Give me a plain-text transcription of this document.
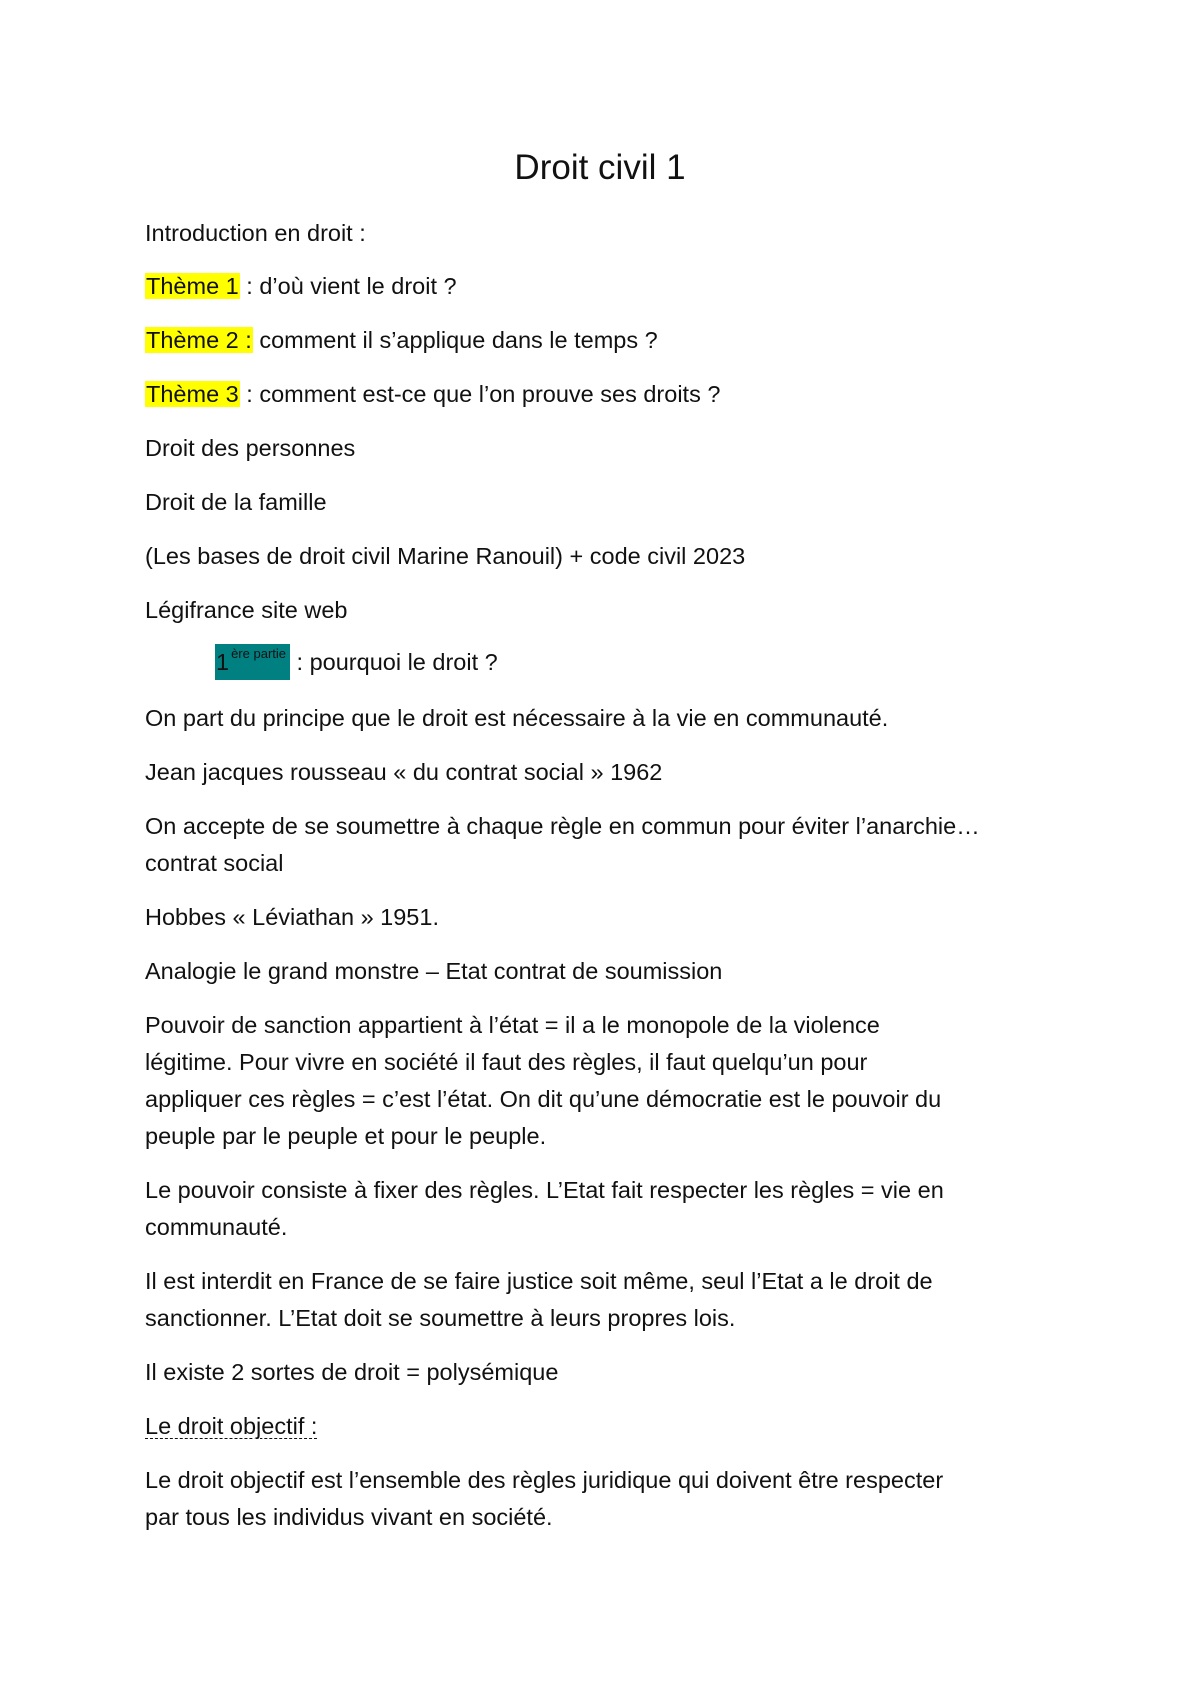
Droit civil 1
Introduction en droit :
Thème 1 : d’où vient le droit ?
Thème 2 : comment il s’applique dans le temps ?
Thème 3 : comment est-ce que l’on prouve ses droits ?
Droit des personnes
Droit de la famille
(Les bases de droit civil Marine Ranouil) + code civil 2023
Légifrance site web
1 $^{ère partie}$ : pourquoi le droit ?
On part du principe que le droit est nécessaire à la vie en communauté.
Jean jacques rousseau « du contrat social » 1962
On accepte de se soumettre à chaque règle en commun pour éviter l’anarchie…
contrat social
Hobbes « Léviathan » 1951.
Analogie le grand monstre – Etat contrat de soumission
Pouvoir de sanction appartient à l’état = il a le monopole de la violence
légitime. Pour vivre en société il faut des règles, il faut quelqu’un pour
appliquer ces règles = c’est l’état. On dit qu’une démocratie est le pouvoir du
peuple par le peuple et pour le peuple.
Le pouvoir consiste à fixer des règles. L’Etat fait respecter les règles = vie en
communauté.
Il est interdit en France de se faire justice soit même, seul l’Etat a le droit de
sanctionner. L’Etat doit se soumettre à leurs propres lois.
Il existe 2 sortes de droit = polysémique
Le droit objectif :
Le droit objectif est l’ensemble des règles juridique qui doivent être respecter
par tous les individus vivant en société.
